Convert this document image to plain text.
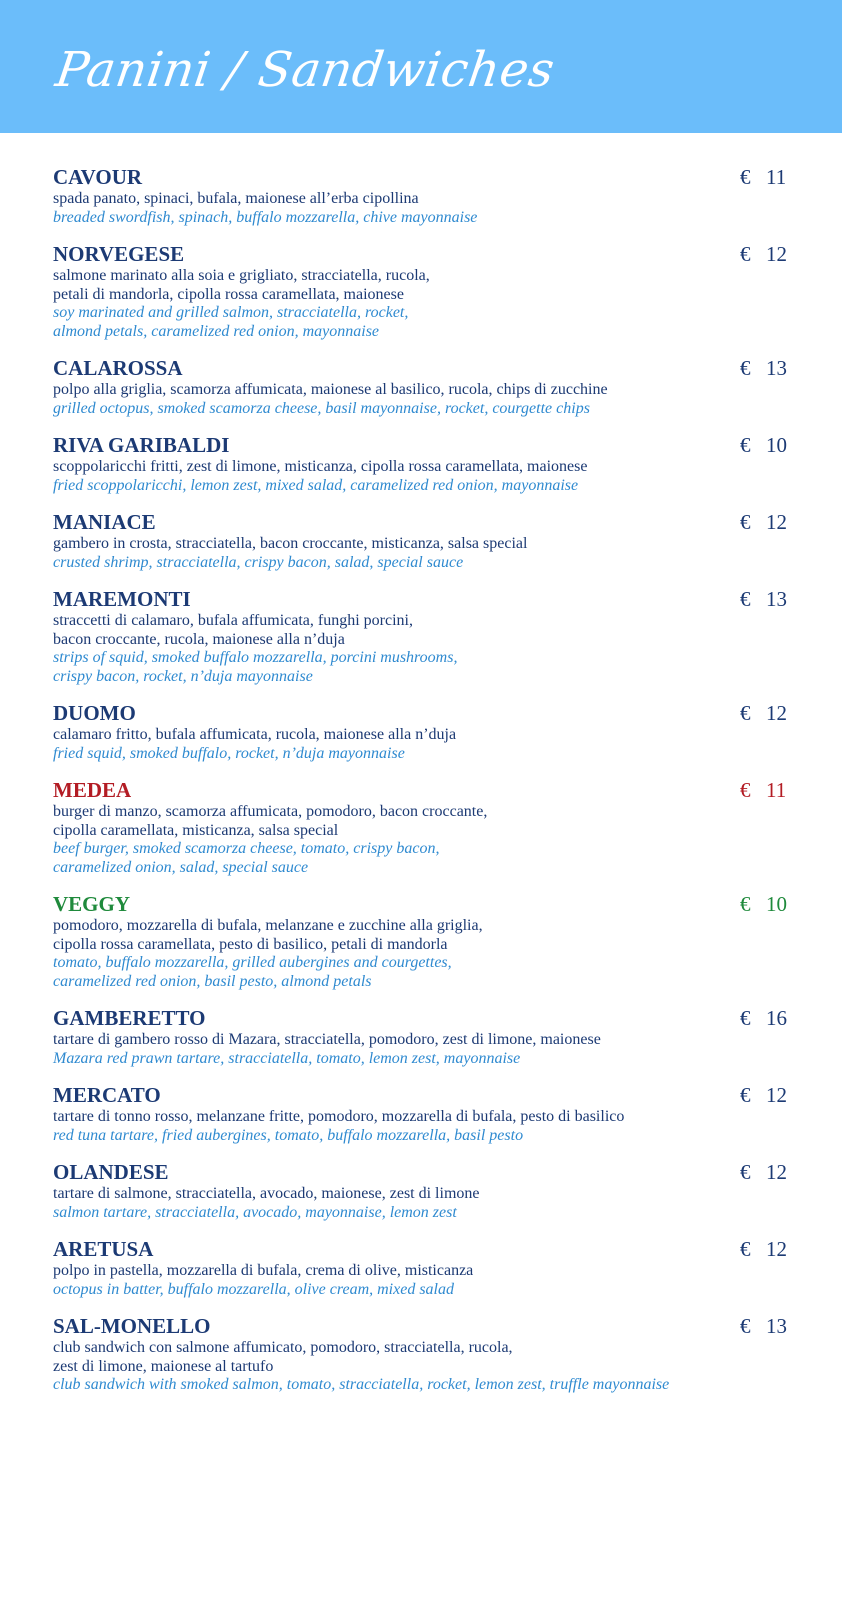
Panini / Sandwiches
CAVOUR	€ 11
spada panato, spinaci, bufala, maionese all’erba cipollina
breaded swordfish, spinach, buffalo mozzarella, chive mayonnaise
NORVEGESE	€ 12
salmone marinato alla soia e grigliato, stracciatella, rucola,
petali di mandorla, cipolla rossa caramellata, maionese
soy marinated and grilled salmon, stracciatella, rocket,
almond petals, caramelized red onion, mayonnaise
CALAROSSA	€ 13
polpo alla griglia, scamorza affumicata, maionese al basilico, rucola, chips di zucchine
grilled octopus, smoked scamorza cheese, basil mayonnaise, rocket, courgette chips
RIVA GARIBALDI	€ 10
scoppolaricchi fritti, zest di limone, misticanza, cipolla rossa caramellata, maionese
fried scoppolaricchi, lemon zest, mixed salad, caramelized red onion, mayonnaise
MANIACE	€ 12
gambero in crosta, stracciatella, bacon croccante, misticanza, salsa special
crusted shrimp, stracciatella, crispy bacon, salad, special sauce
MAREMONTI	€ 13
straccetti di calamaro, bufala affumicata, funghi porcini,
bacon croccante, rucola, maionese alla n’duja
strips of squid, smoked buffalo mozzarella, porcini mushrooms,
crispy bacon, rocket, n’duja mayonnaise
DUOMO	€ 12
calamaro fritto, bufala affumicata, rucola, maionese alla n’duja
fried squid, smoked buffalo, rocket, n’duja mayonnaise
MEDEA	€ 11
burger di manzo, scamorza affumicata, pomodoro, bacon croccante,
cipolla caramellata, misticanza, salsa special
beef burger, smoked scamorza cheese, tomato, crispy bacon,
caramelized onion, salad, special sauce
VEGGY	€ 10
pomodoro, mozzarella di bufala, melanzane e zucchine alla griglia,
cipolla rossa caramellata, pesto di basilico, petali di mandorla
tomato, buffalo mozzarella, grilled aubergines and courgettes,
caramelized red onion, basil pesto, almond petals
GAMBERETTO	€ 16
tartare di gambero rosso di Mazara, stracciatella, pomodoro, zest di limone, maionese
Mazara red prawn tartare, stracciatella, tomato, lemon zest, mayonnaise
MERCATO	€ 12
tartare di tonno rosso, melanzane fritte, pomodoro, mozzarella di bufala, pesto di basilico
red tuna tartare, fried aubergines, tomato, buffalo mozzarella, basil pesto
OLANDESE	€ 12
tartare di salmone, stracciatella, avocado, maionese, zest di limone
salmon tartare, stracciatella, avocado, mayonnaise, lemon zest
ARETUSA	€ 12
polpo in pastella, mozzarella di bufala, crema di olive, misticanza
octopus in batter, buffalo mozzarella, olive cream, mixed salad
SAL-MONELLO	€ 13
club sandwich con salmone affumicato, pomodoro, stracciatella, rucola,
zest di limone, maionese al tartufo
club sandwich with smoked salmon, tomato, stracciatella, rocket, lemon zest, truffle mayonnaise
